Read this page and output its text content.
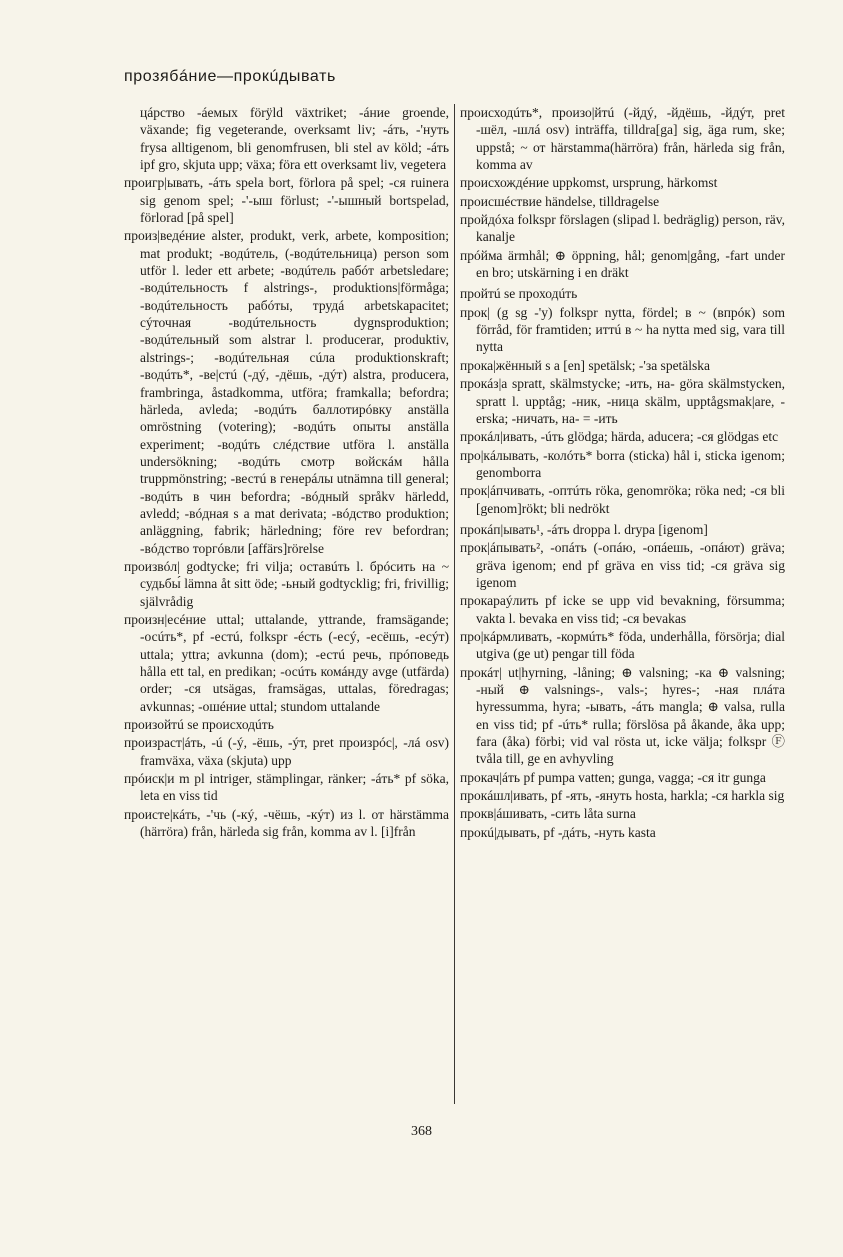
прозябáние—прокúдывать

цáрство -áемых förÿld växtriket; -áние groende, växande; fig vegeterande, overksamt liv; -áть, -'нуть frysa alltigenom, bli genomfrusen, bli stel av köld; -áть ipf gro, skjuta upp; växa; föra ett overksamt liv, vegetera

проигр|ывать, -áть spela bort, förlora på spel; -ся ruinera sig genom spel; -'-ыш förlust; -'-ышный bortspelad, förlorad [på spel]

произ|ведéние alster, produkt, verk, arbete, komposition; mat produkt; -водúтель, (-водúтельница) person som utför l. leder ett arbete; -водúтель рабóт arbetsledare; -водúтельность f alstrings-, produktions|förmåga; -водúтельность рабóты, трудá arbetskapacitet; сýточная -водúтельность dygnsproduktion; -водúтельный som alstrar l. producerar, produktiv, alstrings-; -водúтельная сúла produktionskraft; -водúть*, -ве|стú (-дý, -дёшь, -дýт) alstra, producera, frambringa, åstadkomma, utföra; framkalla; befordra; härleda, avleda; -водúть баллотирóвку anställa omröstning (votering); -водúть опыты anställa experiment; -водúть слéдствие utföra l. anställa undersökning; -водúть смотр войскáм hålla truppmönstring; -вестú в генерáлы utnämna till general; -водúть в чин befordra; -вóдный språkv härledd, avledd; -вóдная s a mat derivata; -вóдство produktion; anläggning, fabrik; härledning; före rev befordran; -вóдство торгóвли [affärs]rörelse

произвóл| godtycke; fri vilja; оставúть l. брóсить на ~ судьбы́ lämna åt sitt öde; -ьный godtycklig; fri, frivillig; självrådig

произн|есéние uttal; uttalande, yttrande, framsägande; -осúть*, pf -естú, folkspr -éсть (-есý, -есёшь, -есýт) uttala; yttra; avkunna (dom); -естú речь, прóповедь hålla ett tal, en predikan; -осúть комáнду avge (utfärda) order; -ся utsägas, framsägas, uttalas, föredragas; avkunnas; -ошéние uttal; stundom uttalande

произойтú se происходúть

произраст|áть, -ú (-ý, -ёшь, -ýт, pret произрóс|, -лá osv) framväxa, växa (skjuta) upp

прóиск|и m pl intriger, stämplingar, ränker; -áть* pf söka, leta en viss tid

происте|кáть, -'чь (-кý, -чёшь, -кýт) из l. от härstämma (härröra) från, härleda sig från, komma av l. [i]från

происходúть*, произо|йтú (-йдý, -йдёшь, -йдýт, pret -шёл, -шлá osv) inträffa, tilldra[ga] sig, äga rum, ske; uppstå; ~ от härstamma(härröra) från, härleda sig från, komma av

происхождéние uppkomst, ursprung, härkomst

происшéствие händelse, tilldragelse

пройдóха folkspr förslagen (slipad l. bedräglig) person, räv, kanalje

прóйма ärmhål; ⊕ öppning, hål; genom|gång, -fart under en bro; utskärning i en dräkt

пройтú se проходúть

прок| (g sg -'у) folkspr nytta, fördel; в ~ (впрóк) som förråd, för framtiden; иттú в ~ ha nytta med sig, vara till nytta

прока|жённый s a [en] spetälsk; -'за spetälska

прокáз|а spratt, skälmstycke; -ить, на- göra skälmstycken, spratt l. upptåg; -ник, -ница skälm, upptågsmak|are, -erska; -ничать, на- = -ить

прокáл|ивать, -úть glödga; härda, aducera; -ся glödgas etc

про|кáлывать, -колóть* borra (sticka) hål i, sticka igenom; genomborra

прок|áпчивать, -оптúть röka, genomröka; röka ned; -ся bli [genom]rökt; bli nedrökt

прокáп|ывать¹, -áть droppa l. drypa [igenom]

прок|áпывать², -опáть (-опáю, -опáешь, -опáют) gräva; gräva igenom; end pf gräva en viss tid; -ся gräva sig igenom

прокараýлить pf icke se upp vid bevakning, försumma; vakta l. bevaka en viss tid; -ся bevakas

про|кáрмливать, -кормúть* föda, underhålla, försörja; dial utgiva (ge ut) pengar till föda

прокáт| ut|hyrning, -låning; ⊕ valsning; -ка ⊕ valsning; -ный ⊕ valsnings-, vals-; hyres-; -ная плáта hyressumma, hyra; -ывать, -áть mangla; ⊕ valsa, rulla en viss tid; pf -úть* rulla; förslösa på åkande, åka upp; fara (åka) förbi; vid val rösta ut, icke välja; folkspr Ⓕ tvåla till, ge en avhyvling

прокач|áть pf pumpa vatten; gunga, vagga; -ся itr gunga

прокáшл|ивать, pf -ять, -януть hosta, harkla; -ся harkla sig

прокв|áшивать, -сить låta surna

прокú|дывать, pf -дáть, -нуть kasta

368
